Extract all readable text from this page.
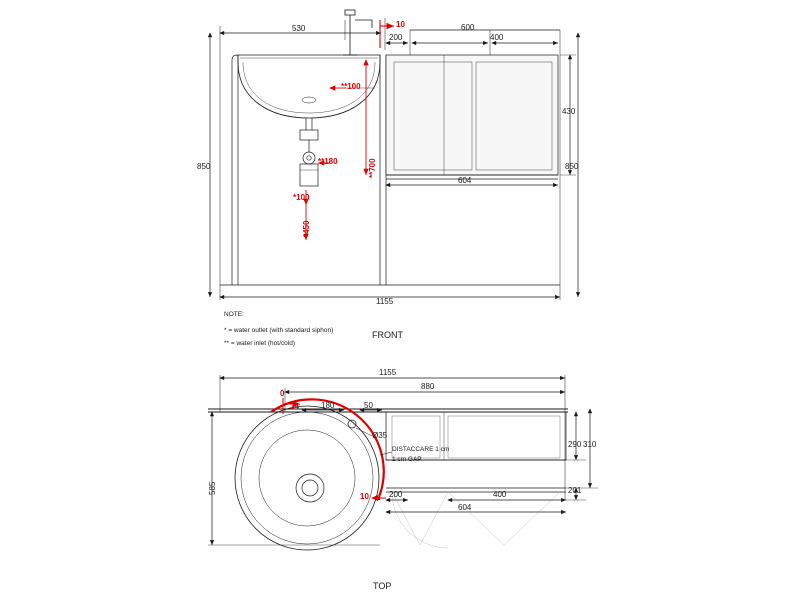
530	10
200
600
400
430
850
850
604
1155
**100
**180
*100
*450
**700
FRONT
NOTE:
* = water outlet (with standard siphon)
** = water inlet (hot/cold)
1155
880
0
34	180	50
Ø35
585
290 310
201
10	200	400
604
DISTACCARE 1 cm
1 cm GAP
TOP
